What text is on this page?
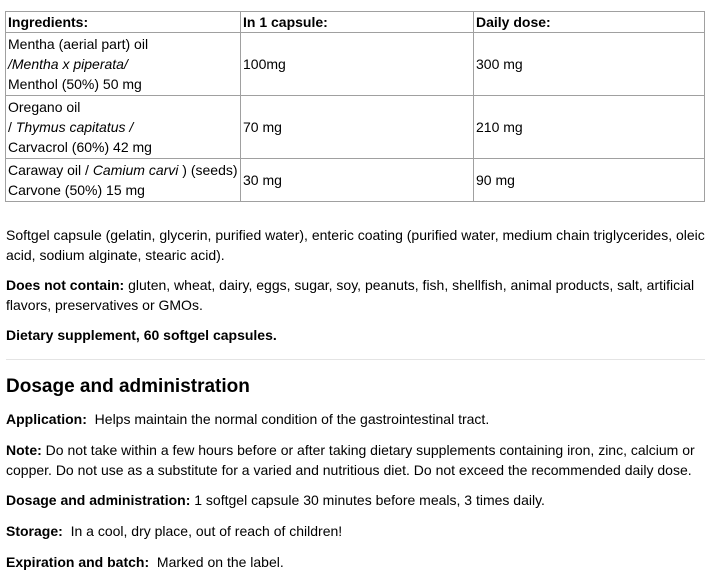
Ingredients:	In 1 capsule:	Daily dose:
Mentha (aerial part) oil
/Mentha x piperata/
Menthol (50%) 50 mg	100mg	300 mg
Oregano oil
/ Thymus capitatus /
Carvacrol (60%) 42 mg	70 mg	210 mg
Caraway oil / Camium carvi ) (seeds)
Carvone (50%) 15 mg	30 mg	90 mg

Softgel capsule (gelatin, glycerin, purified water), enteric coating (purified water, medium chain triglycerides, oleic acid, sodium alginate, stearic acid).

Does not contain: gluten, wheat, dairy, eggs, sugar, soy, peanuts, fish, shellfish, animal products, salt, artificial flavors, preservatives or GMOs.

Dietary supplement, 60 softgel capsules.

Dosage and administration

Application:  Helps maintain the normal condition of the gastrointestinal tract.

Note: Do not take within a few hours before or after taking dietary supplements containing iron, zinc, calcium or copper. Do not use as a substitute for a varied and nutritious diet. Do not exceed the recommended daily dose.

Dosage and administration: 1 softgel capsule 30 minutes before meals, 3 times daily.

Storage:  In a cool, dry place, out of reach of children!

Expiration and batch:  Marked on the label.
